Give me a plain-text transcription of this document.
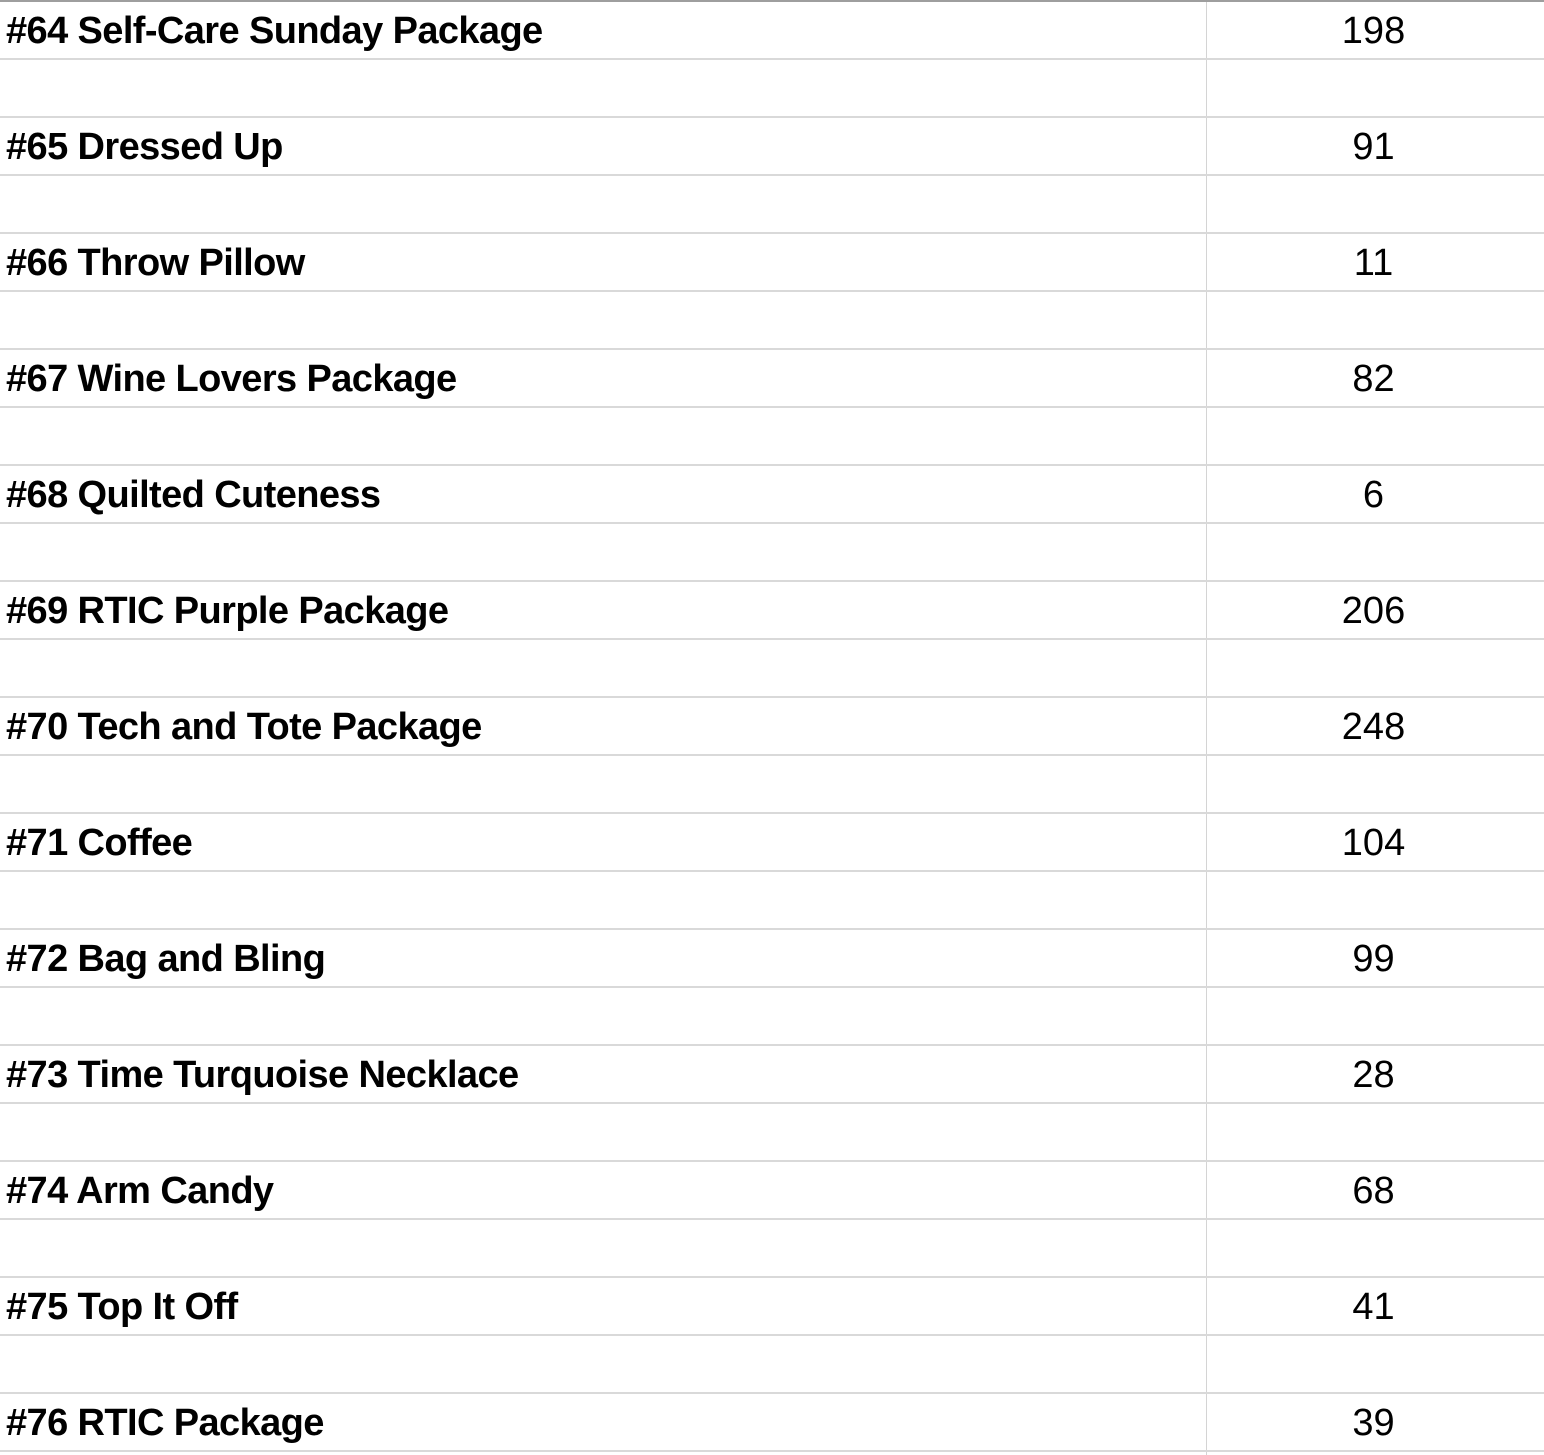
#64 Self-Care Sunday Package	198
#65 Dressed Up	91
#66 Throw Pillow	11
#67 Wine Lovers Package	82
#68 Quilted Cuteness	6
#69 RTIC Purple Package	206
#70 Tech and Tote Package	248
#71 Coffee	104
#72 Bag and Bling	99
#73 Time Turquoise Necklace	28
#74 Arm Candy	68
#75 Top It Off	41
#76 RTIC Package	39
